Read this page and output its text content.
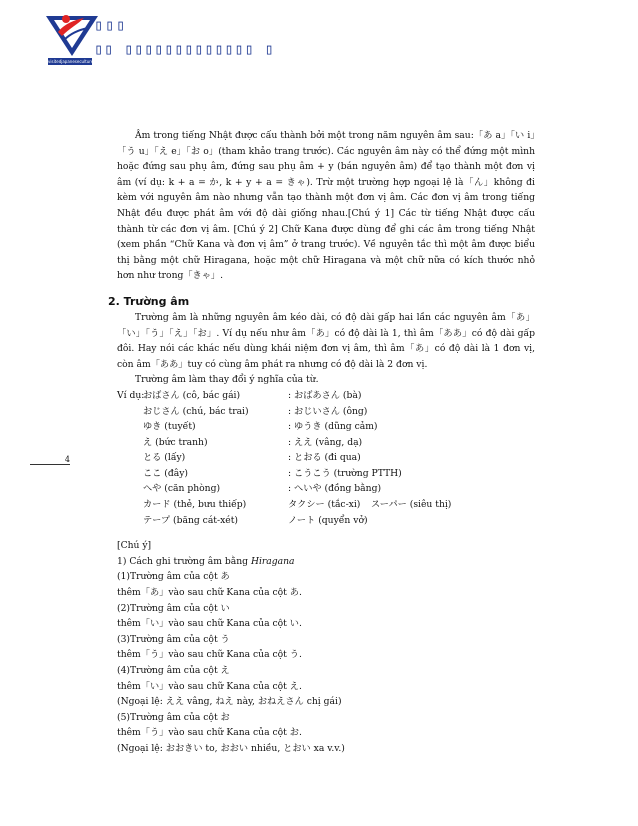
visitedjapaneseculture.com
▯▯▯
▯▯ ▯▯▯▯▯▯▯▯▯▯▯▯▯ ▯
4

Âm trong tiếng Nhật được cấu thành bởi một trong năm nguyên âm sau:「あ a」「い i」「う u」「え e」「お o」(tham khảo trang trước). Các nguyên âm này có thể đứng một mình hoặc đứng sau phụ âm, đứng sau phụ âm + y (bán nguyên âm) để tạo thành một đơn vị âm (ví dụ: k + a = か, k + y + a = きゃ). Trừ một trường hợp ngoại lệ là「ん」không đi kèm với nguyên âm nào nhưng vẫn tạo thành một đơn vị âm. Các đơn vị âm trong tiếng Nhật đều được phát âm với độ dài giống nhau.[Chú ý 1] Các từ tiếng Nhật được cấu thành từ các đơn vị âm. [Chú ý 2] Chữ Kana được dùng để ghi các âm trong tiếng Nhật (xem phần “Chữ Kana và đơn vị âm” ở trang trước). Về nguyên tắc thì một âm được biểu thị bằng một chữ Hiragana, hoặc một chữ Hiragana và một chữ nữa có kích thước nhỏ hơn như trong「きゃ」.

2. Trường âm

Trường âm là những nguyên âm kéo dài, có độ dài gấp hai lần các nguyên âm「あ」「い」「う」「え」「お」. Ví dụ nếu như âm「あ」có độ dài là 1, thì âm「ああ」có độ dài gấp đôi. Hay nói các khác nếu dùng khái niệm đơn vị âm, thì âm「あ」có độ dài là 1 đơn vị, còn âm「ああ」tuy có cùng âm phát ra nhưng có độ dài là 2 đơn vị.

Trường âm làm thay đổi ý nghĩa của từ.

Ví dụ:
おばさん (cô, bác gái)	: おばあさん (bà)
おじさん (chú, bác trai)	: おじいさん (ông)
ゆき (tuyết)	: ゆうき (dũng cảm)
え (bức tranh)	: ええ (vâng, dạ)
とる (lấy)	: とおる (đi qua)
ここ (đây)	: こうこう (trường PTTH)
へや (căn phòng)	: へいや (đồng bằng)
カード (thẻ, bưu thiếp)	タクシー (tắc-xi) スーパー (siêu thị)
テープ (băng cát-xét)	ノート (quyển vở)

[Chú ý]

1) Cách ghi trường âm bằng Hiragana

(1)Trường âm của cột あ

thêm「あ」vào sau chữ Kana của cột あ.

(2)Trường âm của cột い

thêm「い」vào sau chữ Kana của cột い.

(3)Trường âm của cột う

thêm「う」vào sau chữ Kana của cột う.

(4)Trường âm của cột え

thêm「い」vào sau chữ Kana của cột え.

(Ngoại lệ: ええ vâng, ねえ này, おねえさん chị gái)

(5)Trường âm của cột お

thêm「う」vào sau chữ Kana của cột お.

(Ngoại lệ: おおきい to, おおい nhiều, とおい xa v.v.)
